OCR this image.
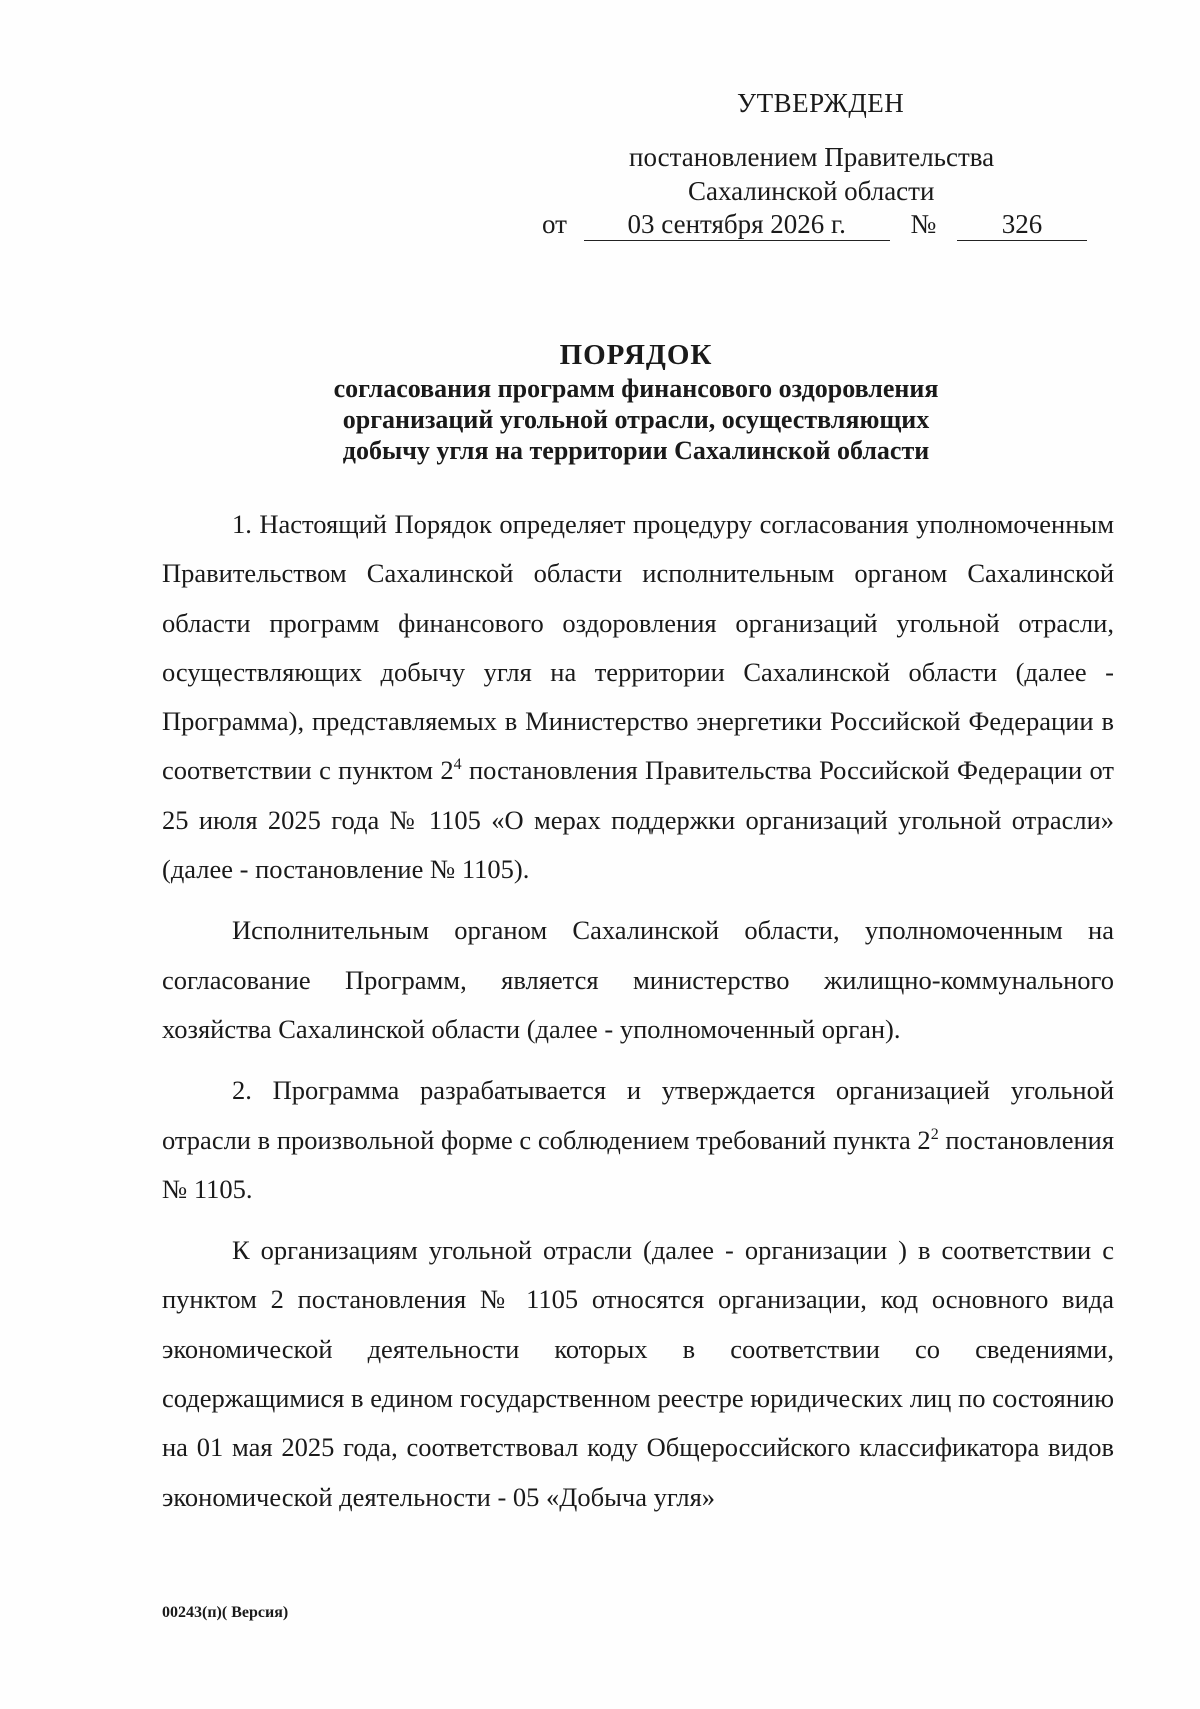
УТВЕРЖДЕН
постановлением Правительства
Сахалинской области
от 03 сентября 2026 г. № 326
ПОРЯДОК
согласования программ финансового оздоровления
организаций угольной отрасли, осуществляющих
добычу угля на территории Сахалинской области

1. Настоящий Порядок определяет процедуру согласования уполномоченным Правительством Сахалинской области исполнительным органом Сахалинской области программ финансового оздоровления организаций угольной отрасли, осуществляющих добычу угля на территории Сахалинской области (далее - Программа), представляемых в Министерство энергетики Российской Федерации в соответствии с пунктом $2^4$ постановления Правительства Российской Федерации от 25 июля 2025 года № 1105 «О мерах поддержки организаций угольной отрасли» (далее - постановление № 1105).

Исполнительным органом Сахалинской области, уполномоченным на согласование Программ, является министерство жилищно-коммунального хозяйства Сахалинской области (далее - уполномоченный орган).

2. Программа разрабатывается и утверждается организацией угольной отрасли в произвольной форме с соблюдением требований пункта $2^2$ постановления № 1105.

К организациям угольной отрасли (далее - организации ) в соответствии с пунктом 2 постановления № 1105 относятся организации, код основного вида экономической деятельности которых в соответствии со сведениями, содержащимися в едином государственном реестре юридических лиц по состоянию на 01 мая 2025 года, соответствовал коду Общероссийского классификатора видов экономической деятельности - 05 «Добыча угля»

00243(п)( Версия)
